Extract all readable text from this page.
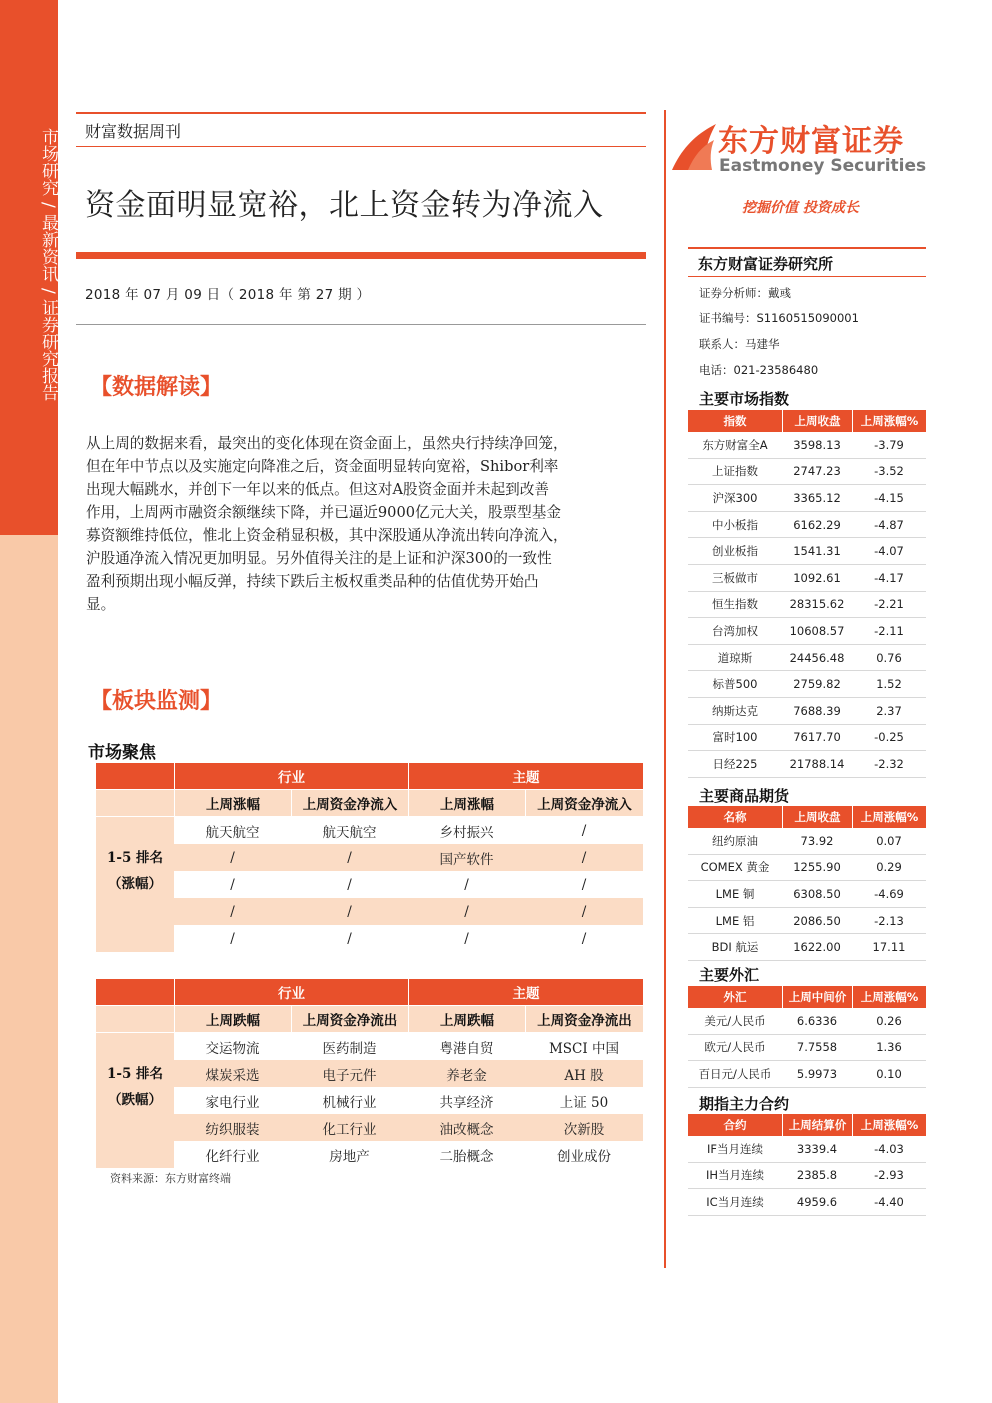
市场研究
/
最新资讯
/
证券研究报告
财富数据周刊
资金面明显宽裕，北上资金转为净流入
2018 年 07 月 09 日（ 2018 年 第 27 期 ）
【数据解读】
从上周的数据来看，最突出的变化体现在资金面上，虽然央行持续净回笼，
但在年中节点以及实施定向降准之后，资金面明显转向宽裕，Shibor利率
出现大幅跳水，并创下一年以来的低点。但这对A股资金面并未起到改善
作用，上周两市融资余额继续下降，并已逼近9000亿元大关，股票型基金
募资额维持低位，惟北上资金稍显积极，其中深股通从净流出转向净流入，
沪股通净流入情况更加明显。另外值得关注的是上证和沪深300的一致性
盈利预期出现小幅反弹，持续下跌后主板权重类品种的估值优势开始凸
显。
【板块监测】
市场聚焦
行业	主题
上周涨幅	上周资金净流入	上周涨幅	上周资金净流入
航天航空	航天航空	乡村振兴	/
/	/	国产软件	/
/	/	/	/
/	/	/	/
/	/	/	/
1-5 排名
（涨幅）
行业	主题
上周跌幅	上周资金净流出	上周跌幅	上周资金净流出
交运物流	医药制造	粤港自贸	MSCI 中国
煤炭采选	电子元件	养老金	AH 股
家电行业	机械行业	共享经济	上证 50
纺织服装	化工行业	油改概念	次新股
化纤行业	房地产	二胎概念	创业成份
1-5 排名
（跌幅）
资料来源：东方财富终端
东方财富证券
Eastmoney Securities
挖掘价值 投资成长
东方财富证券研究所
证券分析师：戴彧
证书编号：S1160515090001
联系人：马建华
电话：021-23586480
主要市场指数
指数	上周收盘	上周涨幅%
东方财富全A	3598.13	-3.79
上证指数	2747.23	-3.52
沪深300	3365.12	-4.15
中小板指	6162.29	-4.87
创业板指	1541.31	-4.07
三板做市	1092.61	-4.17
恒生指数	28315.62	-2.21
台湾加权	10608.57	-2.11
道琼斯	24456.48	0.76
标普500	2759.82	1.52
纳斯达克	7688.39	2.37
富时100	7617.70	-0.25
日经225	21788.14	-2.32
主要商品期货
名称	上周收盘	上周涨幅%
纽约原油	73.92	0.07
COMEX 黄金	1255.90	0.29
LME 铜	6308.50	-4.69
LME 铝	2086.50	-2.13
BDI 航运	1622.00	17.11
主要外汇
外汇	上周中间价	上周涨幅%
美元/人民币	6.6336	0.26
欧元/人民币	7.7558	1.36
百日元/人民币	5.9973	0.10
期指主力合约
合约	上周结算价	上周涨幅%
IF当月连续	3339.4	-4.03
IH当月连续	2385.8	-2.93
IC当月连续	4959.6	-4.40
